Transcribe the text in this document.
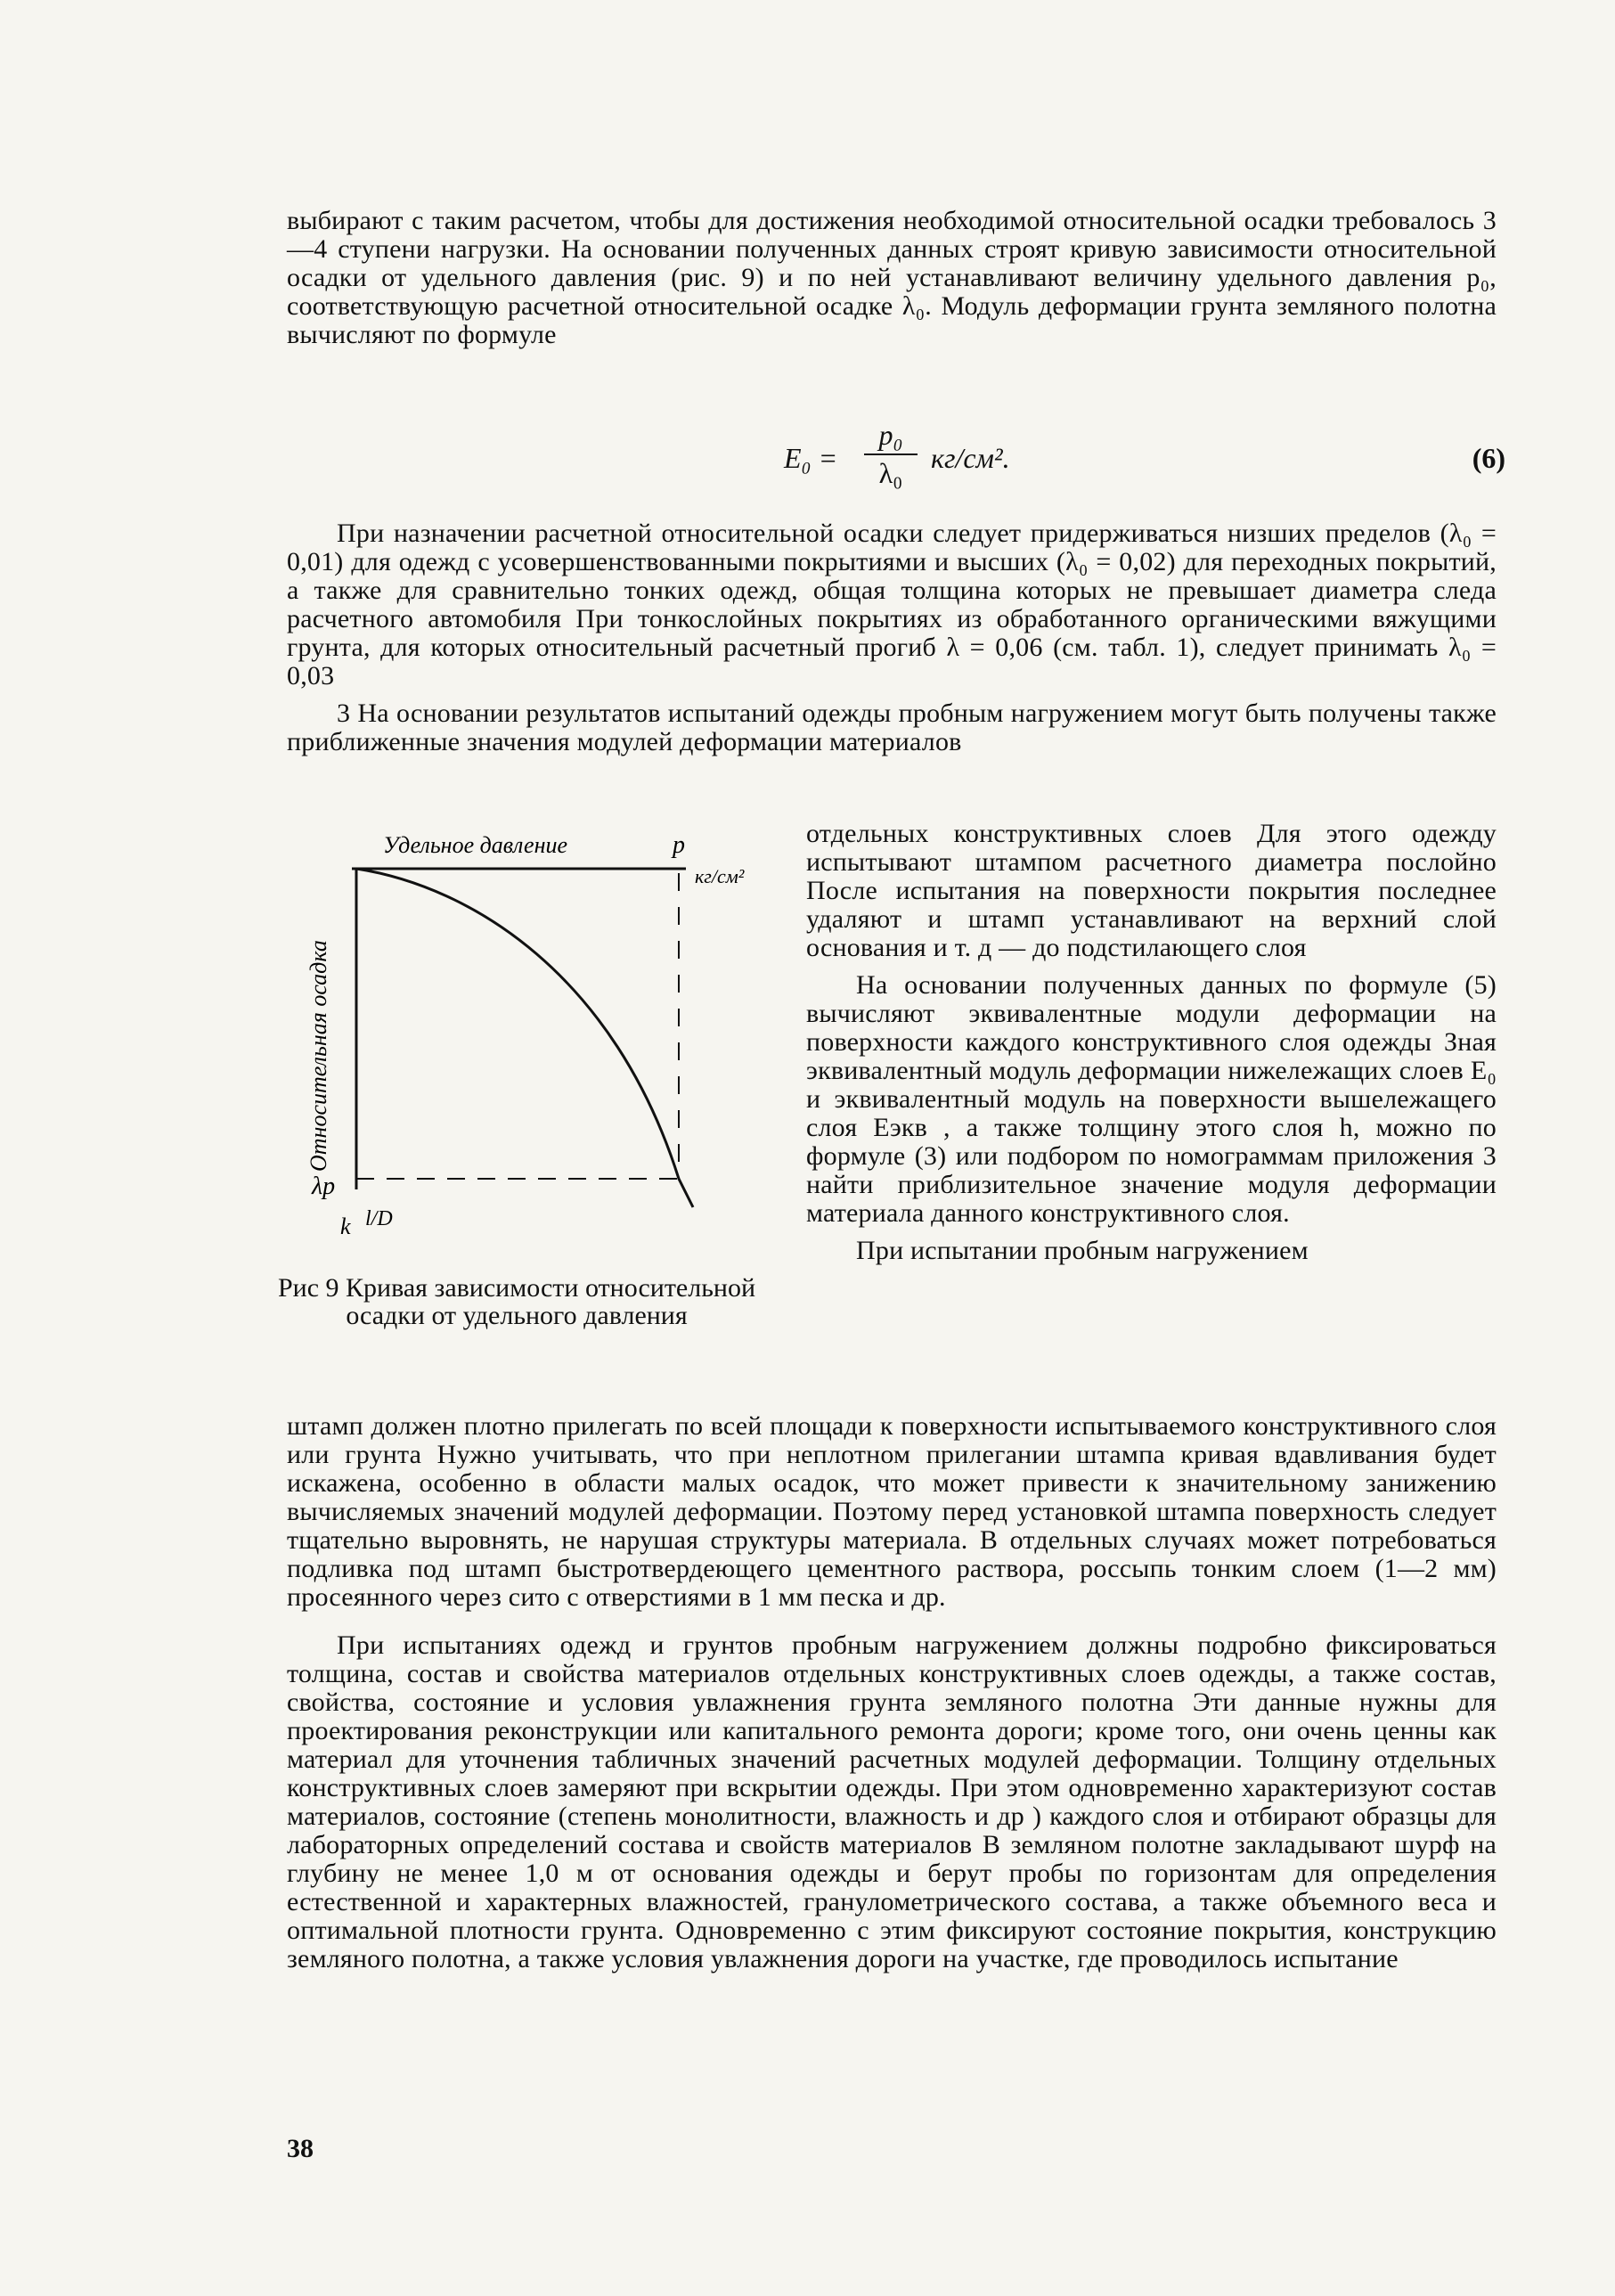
выбирают с таким расчетом, чтобы для достижения необходимой относительной осадки требовалось 3—4 ступени нагрузки. На основании полученных данных строят кривую зависимости относительной осадки от удельного давления (рис. 9) и по ней устанавливают величину удельного давления p₀, соответствующую расчетной относительной осадке λ₀. Модуль деформации грунта земляного полотна вычисляют по формуле

$E_0 = \frac{\text{p₀}}{\text{λ₀}} кг/см^2$.	(6)

При назначении расчетной относительной осадки следует придерживаться низших пределов (λ₀ = 0,01) для одежд с усовершенствованными покрытиями и высших (λ₀ = 0,02) для переходных покрытий, а также для сравнительно тонких одежд, общая толщина которых не превышает диаметра следа расчетного автомобиля При тонкослойных покрытиях из обработанного органическими вяжущими грунта, для которых относительный расчетный прогиб λ = 0,06 (см. табл. 1), следует принимать λ₀ = 0,03

3 На основании результатов испытаний одежды пробным нагружением могут быть получены также приближенные значения модулей деформации материалов

Удельное давление	p
кг/см²
Относительная осадка
λp
k l/D
Рис 9 Кривая зависимости относительной осадки от удельного давления

отдельных конструктивных слоев Для этого одежду испытывают штампом расчетного диаметра послойно После испытания на поверхности покрытия последнее удаляют и штамп устанавливают на верхний слой основания и т. д — до подстилающего слоя

На основании полученных данных по формуле (5) вычисляют эквивалентные модули деформации на поверхности каждого конструктивного слоя одежды Зная эквивалентный модуль деформации нижележащих слоев E₀ и эквивалентный модуль на поверхности вышележащего слоя Eэкв , а также толщину этого слоя h, можно по формуле (3) или подбором по номограммам приложения 3 найти приблизительное значение модуля деформации материала данного конструктивного слоя.

При испытании пробным нагружением

штамп должен плотно прилегать по всей площади к поверхности испытываемого конструктивного слоя или грунта Нужно учитывать, что при неплотном прилегании штампа кривая вдавливания будет искажена, особенно в области малых осадок, что может привести к значительному занижению вычисляемых значений модулей деформации. Поэтому перед установкой штампа поверхность следует тщательно выровнять, не нарушая структуры материала. В отдельных случаях может потребоваться подливка под штамп быстротвердеющего цементного раствора, россыпь тонким слоем (1—2 мм) просеянного через сито с отверстиями в 1 мм песка и др.

При испытаниях одежд и грунтов пробным нагружением должны подробно фиксироваться толщина, состав и свойства материалов отдельных конструктивных слоев одежды, а также состав, свойства, состояние и условия увлажнения грунта земляного полотна Эти данные нужны для проектирования реконструкции или капитального ремонта дороги; кроме того, они очень ценны как материал для уточнения табличных значений расчетных модулей деформации. Толщину отдельных конструктивных слоев замеряют при вскрытии одежды. При этом одновременно характеризуют состав материалов, состояние (степень монолитности, влажность и др ) каждого слоя и отбирают образцы для лабораторных определений состава и свойств материалов В земляном полотне закладывают шурф на глубину не менее 1,0 м от основания одежды и берут пробы по горизонтам для определения естественной и характерных влажностей, гранулометрического состава, а также объемного веса и оптимальной плотности грунта. Одновременно с этим фиксируют состояние покрытия, конструкцию земляного полотна, а также условия увлажнения дороги на участке, где проводилось испытание

38
